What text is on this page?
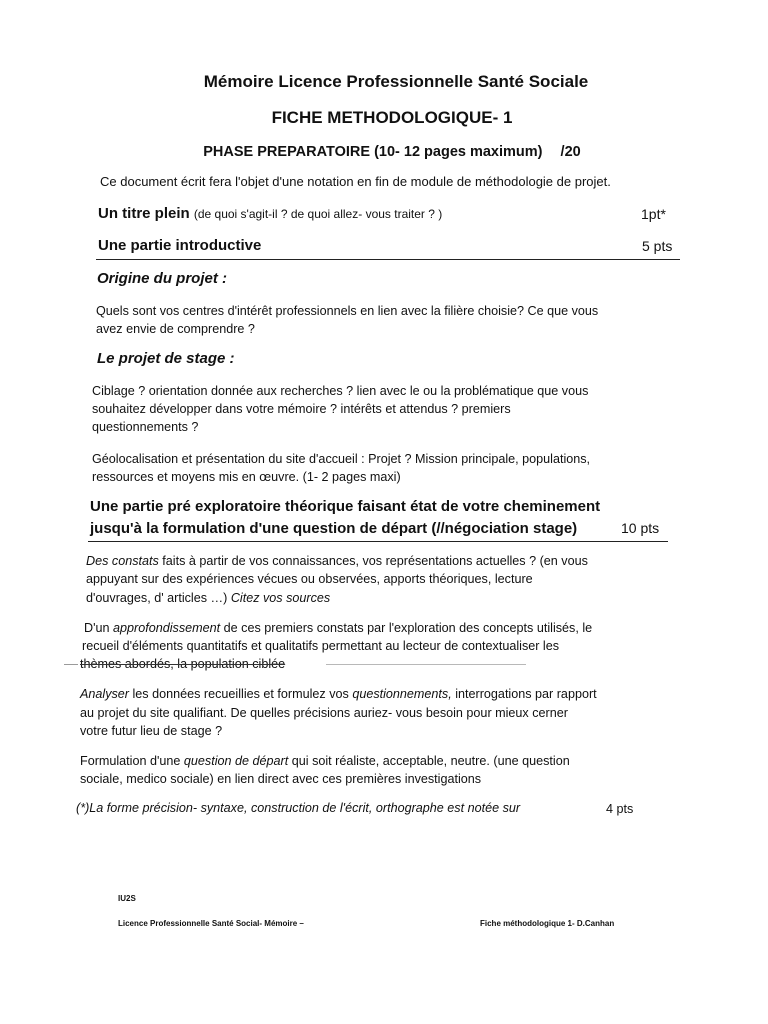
Mémoire Licence Professionnelle Santé Sociale
FICHE METHODOLOGIQUE- 1
PHASE PREPARATOIRE (10- 12 pages maximum) /20
Ce document écrit fera l'objet d'une notation en fin de module de méthodologie de projet.
Un titre plein (de quoi s'agit-il ? de quoi allez- vous traiter ? )	1pt*
Une partie introductive	5 pts
Origine du projet :
Quels sont vos centres d'intérêt professionnels en lien avec la filière choisie? Ce que vous
avez envie de comprendre ?
Le projet de stage :
Ciblage ? orientation donnée aux recherches ? lien avec le ou la problématique que vous
souhaitez développer dans votre mémoire ? intérêts et attendus ? premiers
questionnements ?
Géolocalisation et présentation du site d'accueil : Projet ? Mission principale, populations,
ressources et moyens mis en œuvre. (1- 2 pages maxi)
Une partie pré exploratoire théorique faisant état de votre cheminement
jusqu'à la formulation d'une question de départ (//négociation stage)	10 pts
Des constats faits à partir de vos connaissances, vos représentations actuelles ? (en vous
appuyant sur des expériences vécues ou observées, apports théoriques, lecture
d'ouvrages, d' articles …) Citez vos sources
D'un approfondissement de ces premiers constats par l'exploration des concepts utilisés, le
recueil d'éléments quantitatifs et qualitatifs permettant au lecteur de contextualiser les
thèmes abordés, la population ciblée
Analyser les données recueillies et formulez vos questionnements, interrogations par rapport
au projet du site qualifiant. De quelles précisions auriez- vous besoin pour mieux cerner
votre futur lieu de stage ?
Formulation d'une question de départ qui soit réaliste, acceptable, neutre. (une question
sociale, medico sociale) en lien direct avec ces premières investigations
(*)La forme précision- syntaxe, construction de l'écrit, orthographe est notée sur	4 pts
IU2S
Licence Professionnelle Santé Social- Mémoire –	Fiche méthodologique 1- D.Canhan
